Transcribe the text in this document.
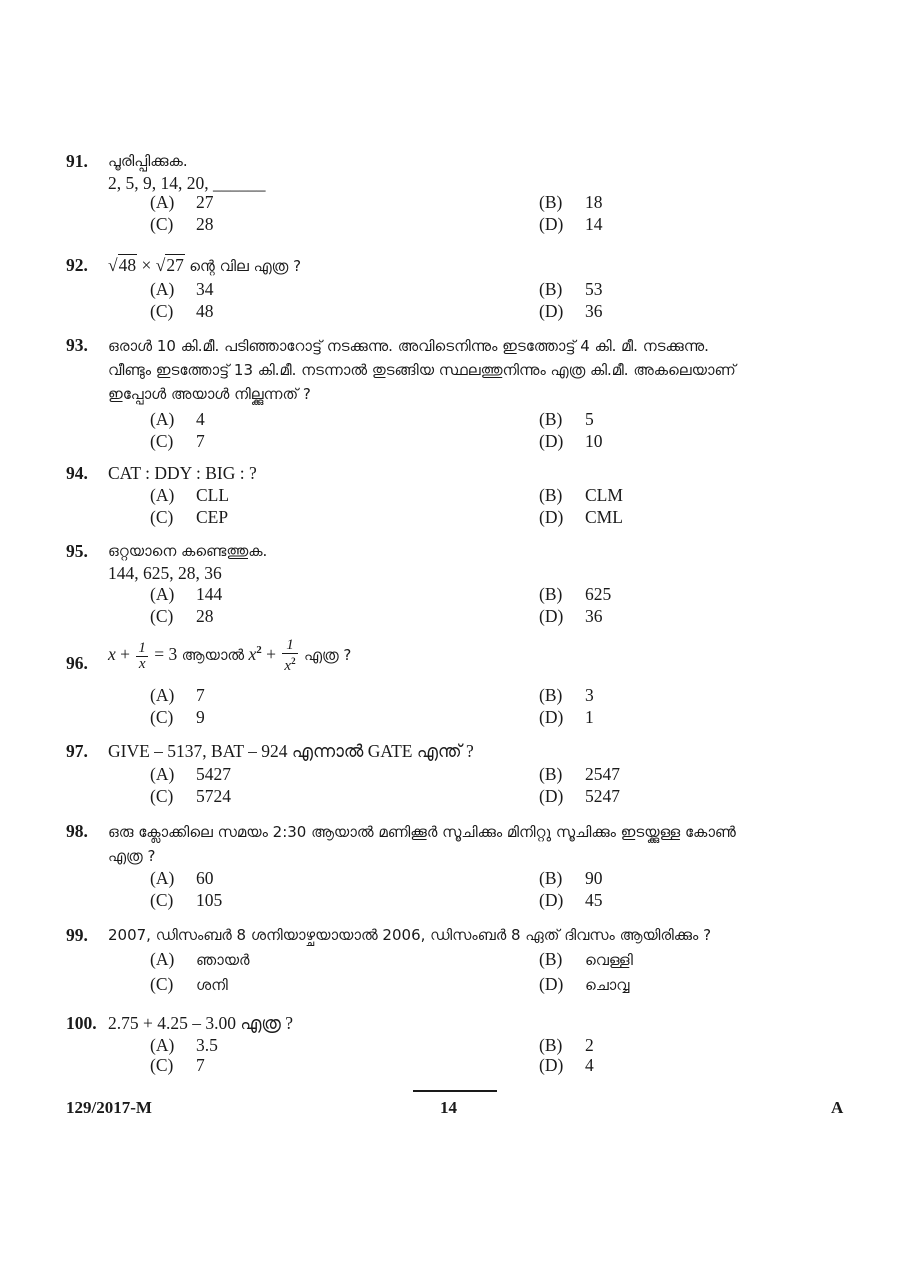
91. പൂരിപ്പിക്കുക.
2, 5, 9, 14, 20, ______
(A) 27	(B) 18
(C) 28	(D) 14
92. √48 × √27 ന്റെ വില എത്ര ?
(A) 34	(B) 53
(C) 48	(D) 36
93. ഒരാൾ 10 കി.മീ. പടിഞ്ഞാറോട്ട് നടക്കുന്നു. അവിടെനിന്നും ഇടത്തോട്ട് 4 കി. മീ. നടക്കുന്നു.
വീണ്ടും ഇടത്തോട്ട് 13 കി.മീ. നടന്നാൽ തുടങ്ങിയ സ്ഥലത്തുനിന്നും എത്ര കി.മീ. അകലെയാണ്
ഇപ്പോൾ അയാൾ നില്ക്കുന്നത് ?
(A) 4	(B) 5
(C) 7	(D) 10
94. CAT : DDY : BIG : ?
(A) CLL	(B) CLM
(C) CEP	(D) CML
95. ഒറ്റയാനെ കണ്ടെത്തുക.
144, 625, 28, 36
(A) 144	(B) 625
(C) 28	(D) 36
96. $x + \frac{1}{x} = 3$ ആയാൽ $x^2 + \frac{1}{x^2}$ എത്ര ?
(A) 7	(B) 3
(C) 9	(D) 1
97. GIVE – 5137, BAT – 924 എന്നാൽ GATE എന്ത് ?
(A) 5427	(B) 2547
(C) 5724	(D) 5247
98. ഒരു ക്ലോക്കിലെ സമയം 2:30 ആയാൽ മണിക്കൂർ സൂചിക്കും മിനിറ്റു സൂചിക്കും ഇടയ്ക്കുള്ള കോൺ
എത്ര ?
(A) 60	(B) 90
(C) 105	(D) 45
99. 2007, ഡിസംബർ 8 ശനിയാഴ്ചയായാൽ 2006, ഡിസംബർ 8 ഏത് ദിവസം ആയിരിക്കും ?
(A) ഞായർ	(B) വെള്ളി
(C) ശനി	(D) ചൊവ്വ
100. 2.75 + 4.25 – 3.00 എത്ര ?
(A) 3.5	(B) 2
(C) 7	(D) 4
129/2017-M	14	A
